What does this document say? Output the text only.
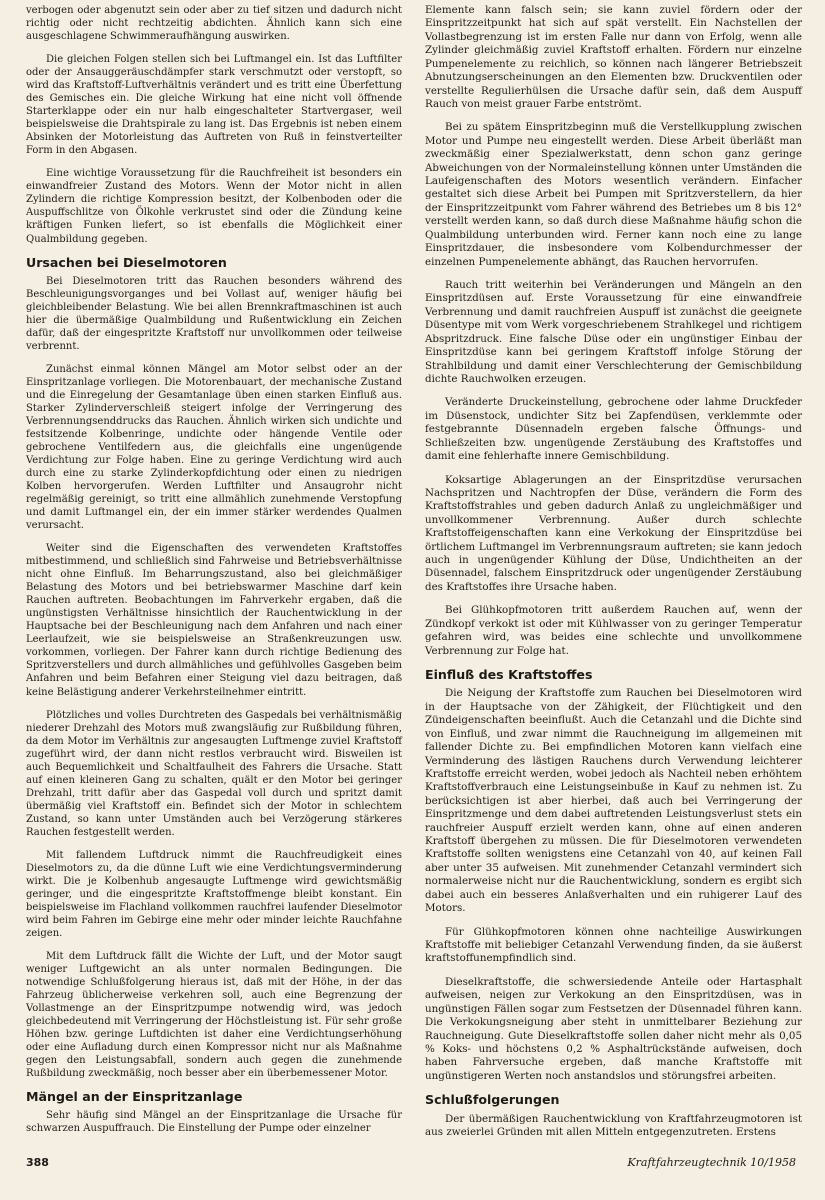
verbogen oder abgenutzt sein oder aber zu tief sitzen und dadurch nicht richtig oder nicht rechtzeitig abdichten. Ähnlich kann sich eine ausgeschlagene Schwimmeraufhängung auswirken.

Die gleichen Folgen stellen sich bei Luftmangel ein. Ist das Luftfilter oder der Ansauggeräuschdämpfer stark verschmutzt oder verstopft, so wird das Kraftstoff-Luftverhältnis verändert und es tritt eine Überfettung des Gemisches ein. Die gleiche Wirkung hat eine nicht voll öffnende Starterklappe oder ein nur halb eingeschalteter Startvergaser, weil beispielsweise die Drahtspirale zu lang ist. Das Ergebnis ist neben einem Absinken der Motorleistung das Auftreten von Ruß in feinstverteilter Form in den Abgasen.

Eine wichtige Voraussetzung für die Rauchfreiheit ist besonders ein einwandfreier Zustand des Motors. Wenn der Motor nicht in allen Zylindern die richtige Kompression besitzt, der Kolbenboden oder die Auspuffschlitze von Ölkohle verkrustet sind oder die Zündung keine kräftigen Funken liefert, so ist ebenfalls die Möglichkeit einer Qualmbildung gegeben.

Ursachen bei Dieselmotoren

Bei Dieselmotoren tritt das Rauchen besonders während des Beschleunigungsvorganges und bei Vollast auf, weniger häufig bei gleichbleibender Belastung. Wie bei allen Brennkraftmaschinen ist auch hier die übermäßige Qualmbildung und Rußentwicklung ein Zeichen dafür, daß der eingespritzte Kraftstoff nur unvollkommen oder teilweise verbrennt.

Zunächst einmal können Mängel am Motor selbst oder an der Einspritzanlage vorliegen. Die Motorenbauart, der mechanische Zustand und die Einregelung der Gesamtanlage üben einen starken Einfluß aus. Starker Zylinderverschleiß steigert infolge der Verringerung des Verbrennungsenddrucks das Rauchen. Ähnlich wirken sich undichte und festsitzende Kolbenringe, undichte oder hängende Ventile oder gebrochene Ventilfedern aus, die gleichfalls eine ungenügende Verdichtung zur Folge haben. Eine zu geringe Verdichtung wird auch durch eine zu starke Zylinderkopfdichtung oder einen zu niedrigen Kolben hervorgerufen. Werden Luftfilter und Ansaugrohr nicht regelmäßig gereinigt, so tritt eine allmählich zunehmende Verstopfung und damit Luftmangel ein, der ein immer stärker werdendes Qualmen verursacht.

Weiter sind die Eigenschaften des verwendeten Kraftstoffes mitbestimmend, und schließlich sind Fahrweise und Betriebsverhältnisse nicht ohne Einfluß. Im Beharrungszustand, also bei gleichmäßiger Belastung des Motors und bei betriebswarmer Maschine darf kein Rauchen auftreten. Beobachtungen im Fahrverkehr ergaben, daß die ungünstigsten Verhältnisse hinsichtlich der Rauchentwicklung in der Hauptsache bei der Beschleunigung nach dem Anfahren und nach einer Leerlaufzeit, wie sie beispielsweise an Straßenkreuzungen usw. vorkommen, vorliegen. Der Fahrer kann durch richtige Bedienung des Spritzverstellers und durch allmähliches und gefühlvolles Gasgeben beim Anfahren und beim Befahren einer Steigung viel dazu beitragen, daß keine Belästigung anderer Verkehrsteilnehmer eintritt.

Plötzliches und volles Durchtreten des Gaspedals bei verhältnismäßig niederer Drehzahl des Motors muß zwangsläufig zur Rußbildung führen, da dem Motor im Verhältnis zur angesaugten Luftmenge zuviel Kraftstoff zugeführt wird, der dann nicht restlos verbraucht wird. Bisweilen ist auch Bequemlichkeit und Schaltfaulheit des Fahrers die Ursache. Statt auf einen kleineren Gang zu schalten, quält er den Motor bei geringer Drehzahl, tritt dafür aber das Gaspedal voll durch und spritzt damit übermäßig viel Kraftstoff ein. Befindet sich der Motor in schlechtem Zustand, so kann unter Umständen auch bei Verzögerung stärkeres Rauchen festgestellt werden.

Mit fallendem Luftdruck nimmt die Rauchfreudigkeit eines Dieselmotors zu, da die dünne Luft wie eine Verdichtungsverminderung wirkt. Die je Kolbenhub angesaugte Luftmenge wird gewichtsmäßig geringer, und die eingespritzte Kraftstoffmenge bleibt konstant. Ein beispielsweise im Flachland vollkommen rauchfrei laufender Dieselmotor wird beim Fahren im Gebirge eine mehr oder minder leichte Rauchfahne zeigen.

Mit dem Luftdruck fällt die Wichte der Luft, und der Motor saugt weniger Luftgewicht an als unter normalen Bedingungen. Die notwendige Schlußfolgerung hieraus ist, daß mit der Höhe, in der das Fahrzeug üblicherweise verkehren soll, auch eine Begrenzung der Vollastmenge an der Einspritzpumpe notwendig wird, was jedoch gleichbedeutend mit Verringerung der Höchstleistung ist. Für sehr große Höhen bzw. geringe Luftdichten ist daher eine Verdichtungserhöhung oder eine Aufladung durch einen Kompressor nicht nur als Maßnahme gegen den Leistungsabfall, sondern auch gegen die zunehmende Rußbildung zweckmäßig, noch besser aber ein überbemessener Motor.

Mängel an der Einspritzanlage

Sehr häufig sind Mängel an der Einspritzanlage die Ursache für schwarzen Auspuffrauch. Die Einstellung der Pumpe oder einzelner

Elemente kann falsch sein; sie kann zuviel fördern oder der Einspritzzeitpunkt hat sich auf spät verstellt. Ein Nachstellen der Vollastbegrenzung ist im ersten Falle nur dann von Erfolg, wenn alle Zylinder gleichmäßig zuviel Kraftstoff erhalten. Fördern nur einzelne Pumpenelemente zu reichlich, so können nach längerer Betriebszeit Abnutzungserscheinungen an den Elementen bzw. Druckventilen oder verstellte Regulierhülsen die Ursache dafür sein, daß dem Auspuff Rauch von meist grauer Farbe entströmt.

Bei zu spätem Einspritzbeginn muß die Verstellkupplung zwischen Motor und Pumpe neu eingestellt werden. Diese Arbeit überläßt man zweckmäßig einer Spezialwerkstatt, denn schon ganz geringe Abweichungen von der Normaleinstellung können unter Umständen die Laufeigenschaften des Motors wesentlich verändern. Einfacher gestaltet sich diese Arbeit bei Pumpen mit Spritzverstellern, da hier der Einspritzzeitpunkt vom Fahrer während des Betriebes um 8 bis 12° verstellt werden kann, so daß durch diese Maßnahme häufig schon die Qualmbildung unterbunden wird. Ferner kann noch eine zu lange Einspritzdauer, die insbesondere vom Kolbendurchmesser der einzelnen Pumpenelemente abhängt, das Rauchen hervorrufen.

Rauch tritt weiterhin bei Veränderungen und Mängeln an den Einspritzdüsen auf. Erste Voraussetzung für eine einwandfreie Verbrennung und damit rauchfreien Auspuff ist zunächst die geeignete Düsentype mit vom Werk vorgeschriebenem Strahlkegel und richtigem Abspritzdruck. Eine falsche Düse oder ein ungünstiger Einbau der Einspritzdüse kann bei geringem Kraftstoff infolge Störung der Strahlbildung und damit einer Verschlechterung der Gemischbildung dichte Rauchwolken erzeugen.

Veränderte Druckeinstellung, gebrochene oder lahme Druckfeder im Düsenstock, undichter Sitz bei Zapfendüsen, verklemmte oder festgebrannte Düsennadeln ergeben falsche Öffnungs- und Schließzeiten bzw. ungenügende Zerstäubung des Kraftstoffes und damit eine fehlerhafte innere Gemischbildung.

Koksartige Ablagerungen an der Einspritzdüse verursachen Nachspritzen und Nachtropfen der Düse, verändern die Form des Kraftstoffstrahles und geben dadurch Anlaß zu ungleichmäßiger und unvollkommener Verbrennung. Außer durch schlechte Kraftstoffeigenschaften kann eine Verkokung der Einspritzdüse bei örtlichem Luftmangel im Verbrennungsraum auftreten; sie kann jedoch auch in ungenügender Kühlung der Düse, Undichtheiten an der Düsennadel, falschem Einspritzdruck oder ungenügender Zerstäubung des Kraftstoffes ihre Ursache haben.

Bei Glühkopfmotoren tritt außerdem Rauchen auf, wenn der Zündkopf verkokt ist oder mit Kühlwasser von zu geringer Temperatur gefahren wird, was beides eine schlechte und unvollkommene Verbrennung zur Folge hat.

Einfluß des Kraftstoffes

Die Neigung der Kraftstoffe zum Rauchen bei Dieselmotoren wird in der Hauptsache von der Zähigkeit, der Flüchtigkeit und den Zündeigenschaften beeinflußt. Auch die Cetanzahl und die Dichte sind von Einfluß, und zwar nimmt die Rauchneigung im allgemeinen mit fallender Dichte zu. Bei empfindlichen Motoren kann vielfach eine Verminderung des lästigen Rauchens durch Verwendung leichterer Kraftstoffe erreicht werden, wobei jedoch als Nachteil neben erhöhtem Kraftstoffverbrauch eine Leistungseinbuße in Kauf zu nehmen ist. Zu berücksichtigen ist aber hierbei, daß auch bei Verringerung der Einspritzmenge und dem dabei auftretenden Leistungsverlust stets ein rauchfreier Auspuff erzielt werden kann, ohne auf einen anderen Kraftstoff übergehen zu müssen. Die für Dieselmotoren verwendeten Kraftstoffe sollten wenigstens eine Cetanzahl von 40, auf keinen Fall aber unter 35 aufweisen. Mit zunehmender Cetanzahl vermindert sich normalerweise nicht nur die Rauchentwicklung, sondern es ergibt sich dabei auch ein besseres Anlaßverhalten und ein ruhigerer Lauf des Motors.

Für Glühkopfmotoren können ohne nachteilige Auswirkungen Kraftstoffe mit beliebiger Cetanzahl Verwendung finden, da sie äußerst kraftstoffunempfindlich sind.

Dieselkraftstoffe, die schwersiedende Anteile oder Hartasphalt aufweisen, neigen zur Verkokung an den Einspritzdüsen, was in ungünstigen Fällen sogar zum Festsetzen der Düsennadel führen kann. Die Verkokungsneigung aber steht in unmittelbarer Beziehung zur Rauchneigung. Gute Dieselkraftstoffe sollen daher nicht mehr als 0,05 % Koks- und höchstens 0,2 % Asphaltrückstände aufweisen, doch haben Fahrversuche ergeben, daß manche Kraftstoffe mit ungünstigeren Werten noch anstandslos und störungsfrei arbeiten.

Schlußfolgerungen

Der übermäßigen Rauchentwicklung von Kraftfahrzeugmotoren ist aus zweierlei Gründen mit allen Mitteln entgegenzutreten. Erstens

388	Kraftfahrzeugtechnik 10/1958
